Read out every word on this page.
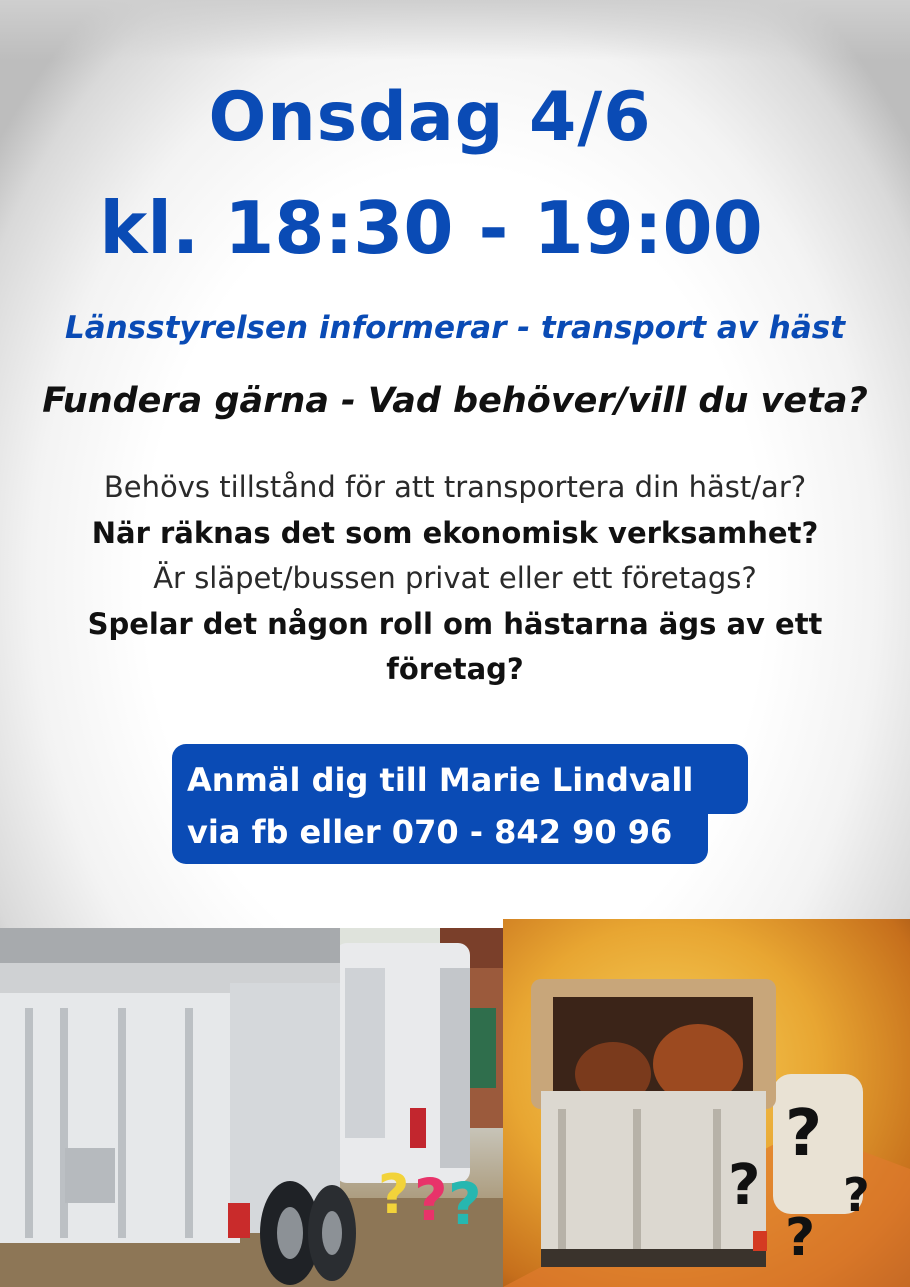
Onsdag 4/6
kl. 18:30 - 19:00
Länsstyrelsen informerar - transport av häst
Fundera gärna - Vad behöver/vill du veta?
Behövs tillstånd för att transportera din häst/ar?
När räknas det som ekonomisk verksamhet?
Är släpet/bussen privat eller ett företags?
Spelar det någon roll om hästarna ägs av ett företag?
Anmäl dig till Marie Lindvall
via fb eller 070 - 842 90 96
? ? ?	?
?
?
?
